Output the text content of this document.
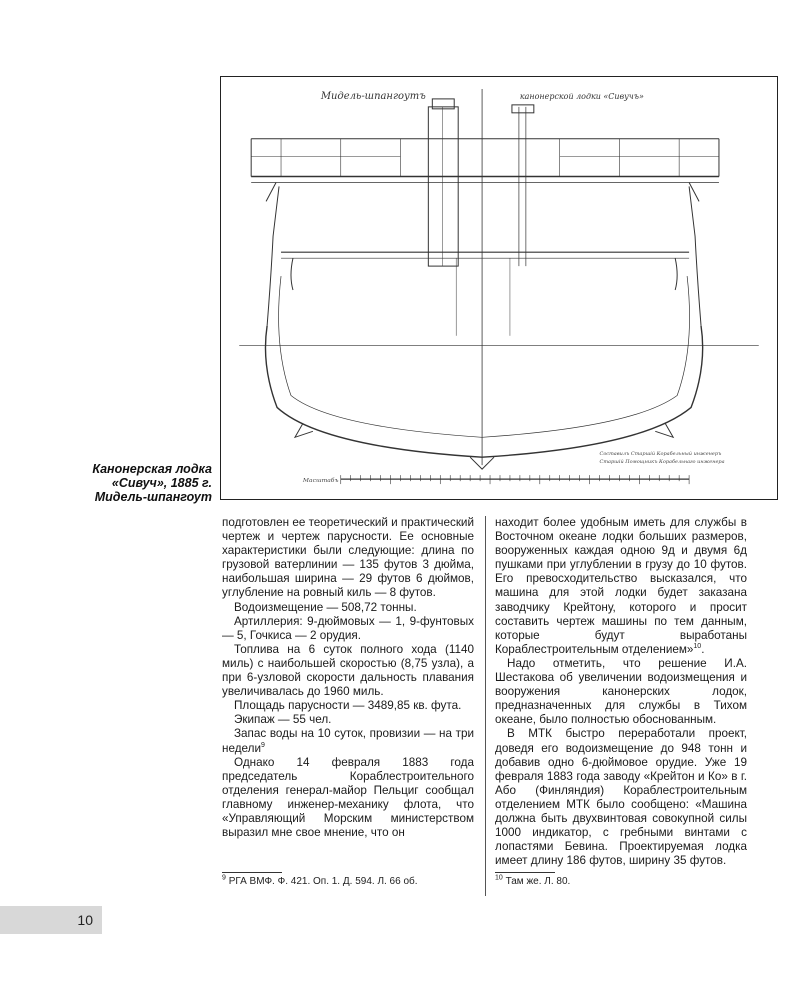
Мидель-шпангоутъ	канонерской лодки «Сивучъ»
Составилъ Старшій Корабельный инженеръ
Старшій Помощникъ Корабельнаго инженера
Масштабъ
Канонерская лодка «Сивуч», 1885 г. Мидель-шпангоут

подготовлен ее теоретический и практический чертеж и чертеж парусности. Ее основные характеристики были следующие: длина по грузовой ватерлинии — 135 футов 3 дюйма, наибольшая ширина — 29 футов 6 дюймов, углубление на ровный киль — 8 футов.

Водоизмещение — 508,72 тонны.

Артиллерия: 9-дюймовых — 1, 9-фунтовых — 5, Гочкиса — 2 орудия.

Топлива на 6 суток полного хода (1140 миль) с наибольшей скоростью (8,75 узла), а при 6-узловой скорости дальность плавания увеличивалась до 1960 миль.

Площадь парусности — 3489,85 кв. фута.

Экипаж — 55 чел.

Запас воды на 10 суток, провизии — на три недели$^9$

Однако 14 февраля 1883 года председатель Кораблестроительного отделения генерал-майор Пельциг сообщал главному инженер-механику флота, что «Управляющий Морским министерством выразил мне свое мнение, что он

находит более удобным иметь для службы в Восточном океане лодки больших размеров, вооруженных каждая одною 9д и двумя 6д пушками при углублении в грузу до 10 футов. Его превосходительство высказался, что машина для этой лодки будет заказана заводчику Крейтону, которого и просит составить чертеж машины по тем данным, которые будут выработаны Кораблестроительным отделением»$^{10}$.

Надо отметить, что решение И.А. Шестакова об увеличении водоизмещения и вооружения канонерских лодок, предназначенных для службы в Тихом океане, было полностью обоснованным.

В МТК быстро переработали проект, доведя его водоизмещение до 948 тонн и добавив одно 6-дюймовое орудие. Уже 19 февраля 1883 года заводу «Крейтон и Ко» в г. Або (Финляндия) Кораблестроительным отделением МТК было сообщено: «Машина должна быть двухвинтовая совокупной силы 1000 индикатор, с гребными винтами с лопастями Бевина. Проектируемая лодка имеет длину 186 футов, ширину 35 футов.

$^9$ РГА ВМФ. Ф. 421. Оп. 1. Д. 594. Л. 66 об.	$^{10}$ Там же. Л. 80.
10
